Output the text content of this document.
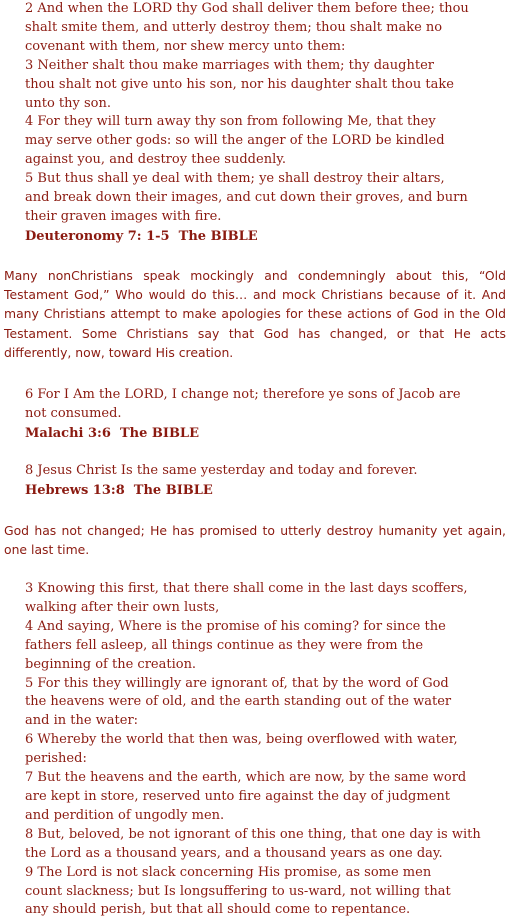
2 And when the LORD thy God shall deliver them before thee; thou
shalt smite them, and utterly destroy them; thou shalt make no
covenant with them, nor shew mercy unto them:
3 Neither shalt thou make marriages with them; thy daughter
thou shalt not give unto his son, nor his daughter shalt thou take
unto thy son.
4 For they will turn away thy son from following Me, that they
may serve other gods: so will the anger of the LORD be kindled
against you, and destroy thee suddenly.
5 But thus shall ye deal with them; ye shall destroy their altars,
and break down their images, and cut down their groves, and burn
their graven images with fire.
Deuteronomy 7: 1-5  The BIBLE

Many nonChristians speak mockingly and condemningly about this, “Old Testament God,” Who would do this… and mock Christians because of it. And many Christians attempt to make apologies for these actions of God in the Old Testament. Some Christians say that God has changed, or that He acts differently, now, toward His creation.

6 For I Am the LORD, I change not; therefore ye sons of Jacob are
not consumed.
Malachi 3:6  The BIBLE
8 Jesus Christ Is the same yesterday and today and forever.
Hebrews 13:8  The BIBLE

God has not changed; He has promised to utterly destroy humanity yet again, one last time.

3 Knowing this first, that there shall come in the last days scoffers,
walking after their own lusts,
4 And saying, Where is the promise of his coming? for since the
fathers fell asleep, all things continue as they were from the
beginning of the creation.
5 For this they willingly are ignorant of, that by the word of God
the heavens were of old, and the earth standing out of the water
and in the water:
6 Whereby the world that then was, being overflowed with water,
perished:
7 But the heavens and the earth, which are now, by the same word
are kept in store, reserved unto fire against the day of judgment
and perdition of ungodly men.
8 But, beloved, be not ignorant of this one thing, that one day is with
the Lord as a thousand years, and a thousand years as one day.
9 The Lord is not slack concerning His promise, as some men
count slackness; but Is longsuffering to us-ward, not willing that
any should perish, but that all should come to repentance.
